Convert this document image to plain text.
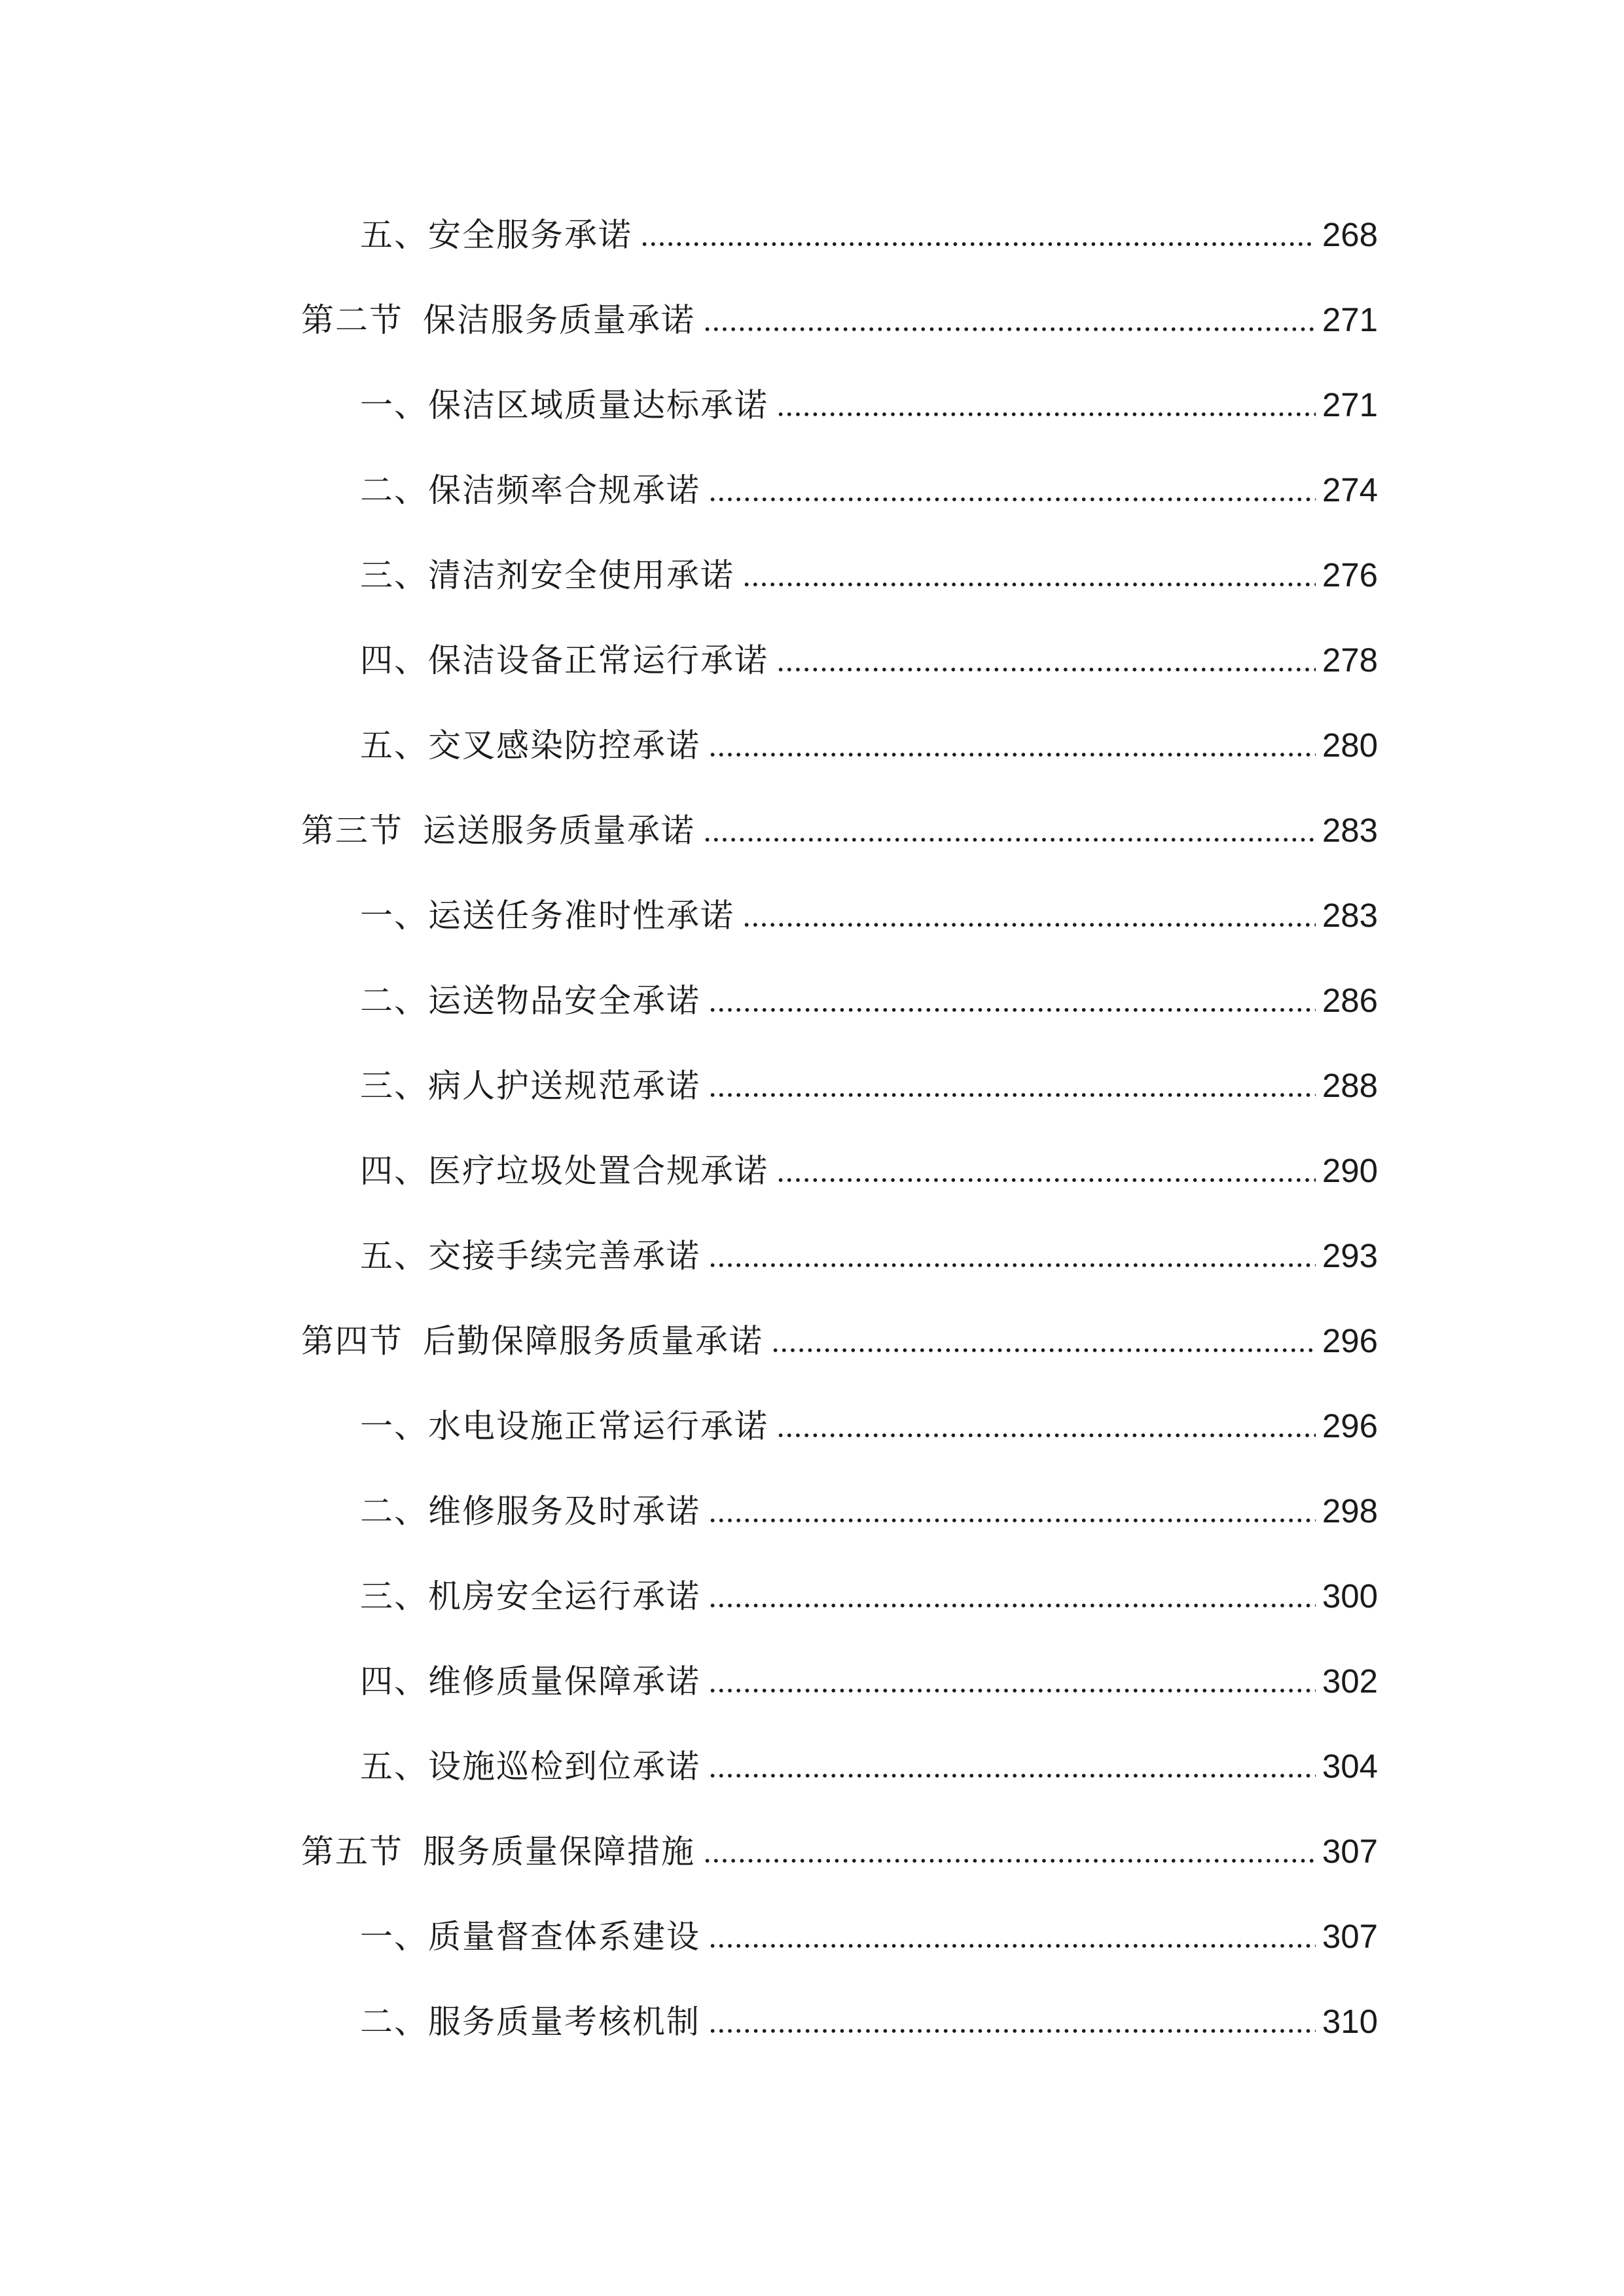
五、安全服务承诺	268
第二节 保洁服务质量承诺	271
一、保洁区域质量达标承诺	271
二、保洁频率合规承诺	274
三、清洁剂安全使用承诺	276
四、保洁设备正常运行承诺	278
五、交叉感染防控承诺	280
第三节 运送服务质量承诺	283
一、运送任务准时性承诺	283
二、运送物品安全承诺	286
三、病人护送规范承诺	288
四、医疗垃圾处置合规承诺	290
五、交接手续完善承诺	293
第四节 后勤保障服务质量承诺	296
一、水电设施正常运行承诺	296
二、维修服务及时承诺	298
三、机房安全运行承诺	300
四、维修质量保障承诺	302
五、设施巡检到位承诺	304
第五节 服务质量保障措施	307
一、质量督查体系建设	307
二、服务质量考核机制	310
